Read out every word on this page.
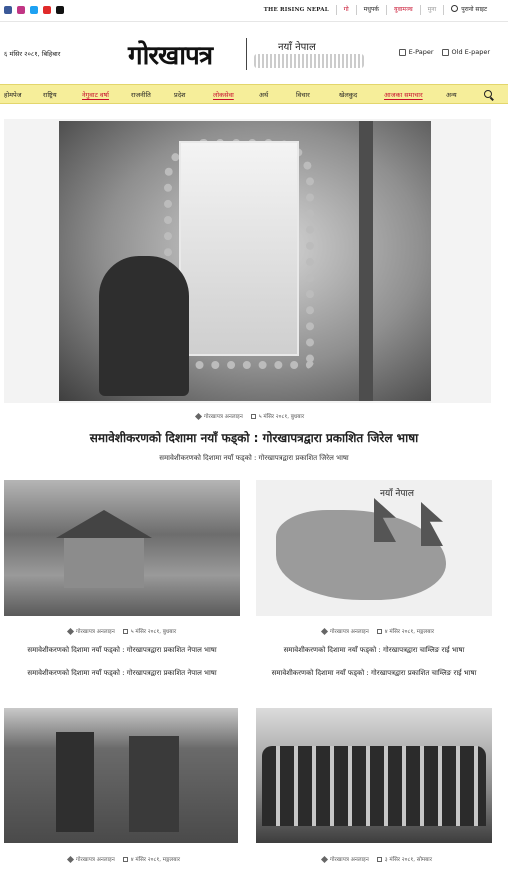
THE RISING NEPAL	गो	मधुपर्क	युवामञ्च	मुना	पुरानो साइट
६ मंसिर २०८१, बिहिबार	गोरखापत्र	नयाँ नेपाल	E-Paper	Old E-paper
होमपेज	राष्ट्रिय	नेगुवाट वर्षा	राजनीति	प्रदेश	लोकसेवा	अर्थ	विचार	खेलकुद	आजका समाचार	अन्य
गोरखापत्र अनलाइन	५ मंसिर २०८१, बुधबार
समावेशीकरणको दिशामा नयाँ फड्को : गोरखापत्रद्वारा प्रकाशित जिरेल भाषा
समावेशीकरणको दिशामा नयाँ फड्को : गोरखापत्रद्वारा प्रकाशित जिरेल भाषा
गोरखापत्र अनलाइन	५ मंसिर २०८१, बुधबार
समावेशीकरणको दिशामा नयाँ फड्को : गोरखापत्रद्वारा प्रकाशित नेपाल भाषा
समावेशीकरणको दिशामा नयाँ फड्को : गोरखापत्रद्वारा प्रकाशित नेपाल भाषा
नयाँ नेपाल
गोरखापत्र अनलाइन	४ मंसिर २०८१, मङ्गलबार
समावेशीकरणको दिशामा नयाँ फड्को : गोरखापत्रद्वारा चाम्लिङ राई भाषा
समावेशीकरणको दिशामा नयाँ फड्को : गोरखापत्रद्वारा प्रकाशित चाम्लिङ राई भाषा
गोरखापत्र अनलाइन	४ मंसिर २०८१, मङ्गलबार	गोरखापत्र अनलाइन	३ मंसिर २०८१, सोमबार
